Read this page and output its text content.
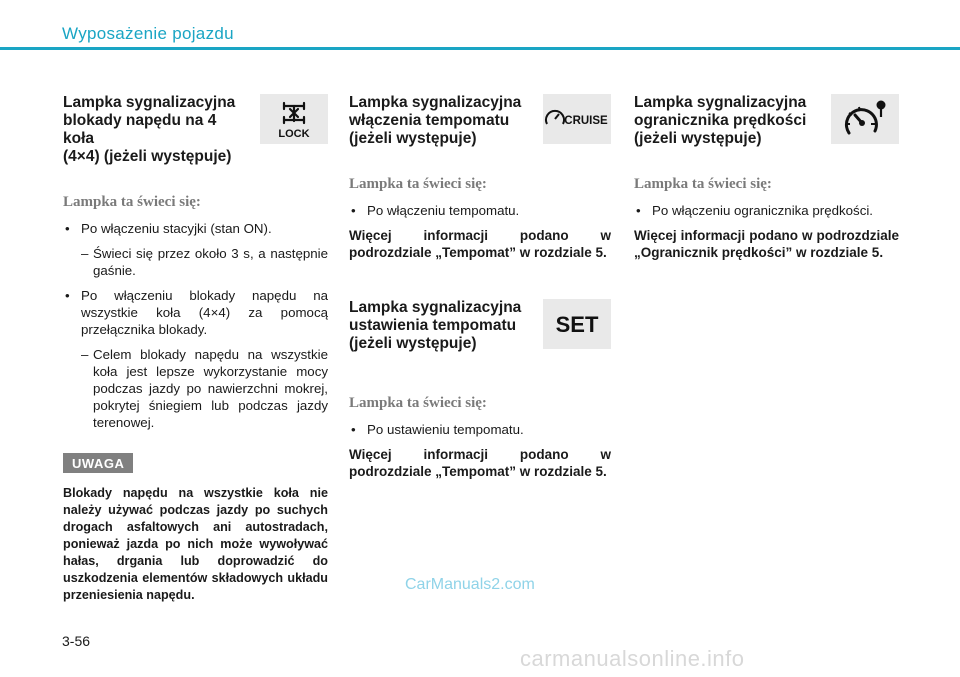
Wyposażenie pojazdu
Lampka sygnalizacyjna
blokady napędu na 4 koła
(4×4) (jeżeli występuje)
LOCK
Lampka ta świeci się:
• Po włączeniu stacyjki (stan ON).
– Świeci się przez około 3 s, a następnie gaśnie.
• Po włączeniu blokady napędu na wszystkie koła (4×4) za pomocą przełącznika blokady.
– Celem blokady napędu na wszystkie koła jest lepsze wykorzystanie mocy podczas jazdy po nawierzchni mokrej, pokrytej śniegiem lub podczas jazdy terenowej.
UWAGA
Blokady napędu na wszystkie koła nie należy używać podczas jazdy po suchych drogach asfaltowych ani autostradach, ponieważ jazda po nich może wywoływać hałas, drgania lub doprowadzić do uszkodzenia elementów składowych układu przeniesienia napędu.
Lampka sygnalizacyjna
włączenia tempomatu
(jeżeli występuje)
CRUISE
Lampka ta świeci się:
• Po włączeniu tempomatu.
Więcej informacji podano w podrozdziale „Tempomat” w rozdziale 5.
Lampka sygnalizacyjna
ustawienia tempomatu
(jeżeli występuje)
SET
Lampka ta świeci się:
• Po ustawieniu tempomatu.
Więcej informacji podano w podrozdziale „Tempomat” w rozdziale 5.
Lampka sygnalizacyjna
ogranicznika prędkości
(jeżeli występuje)
Lampka ta świeci się:
• Po włączeniu ogranicznika prędkości.
Więcej informacji podano w podrozdziale „Ogranicznik prędkości” w rozdziale 5.
CarManuals2.com
3-56
carmanualsonline.info
